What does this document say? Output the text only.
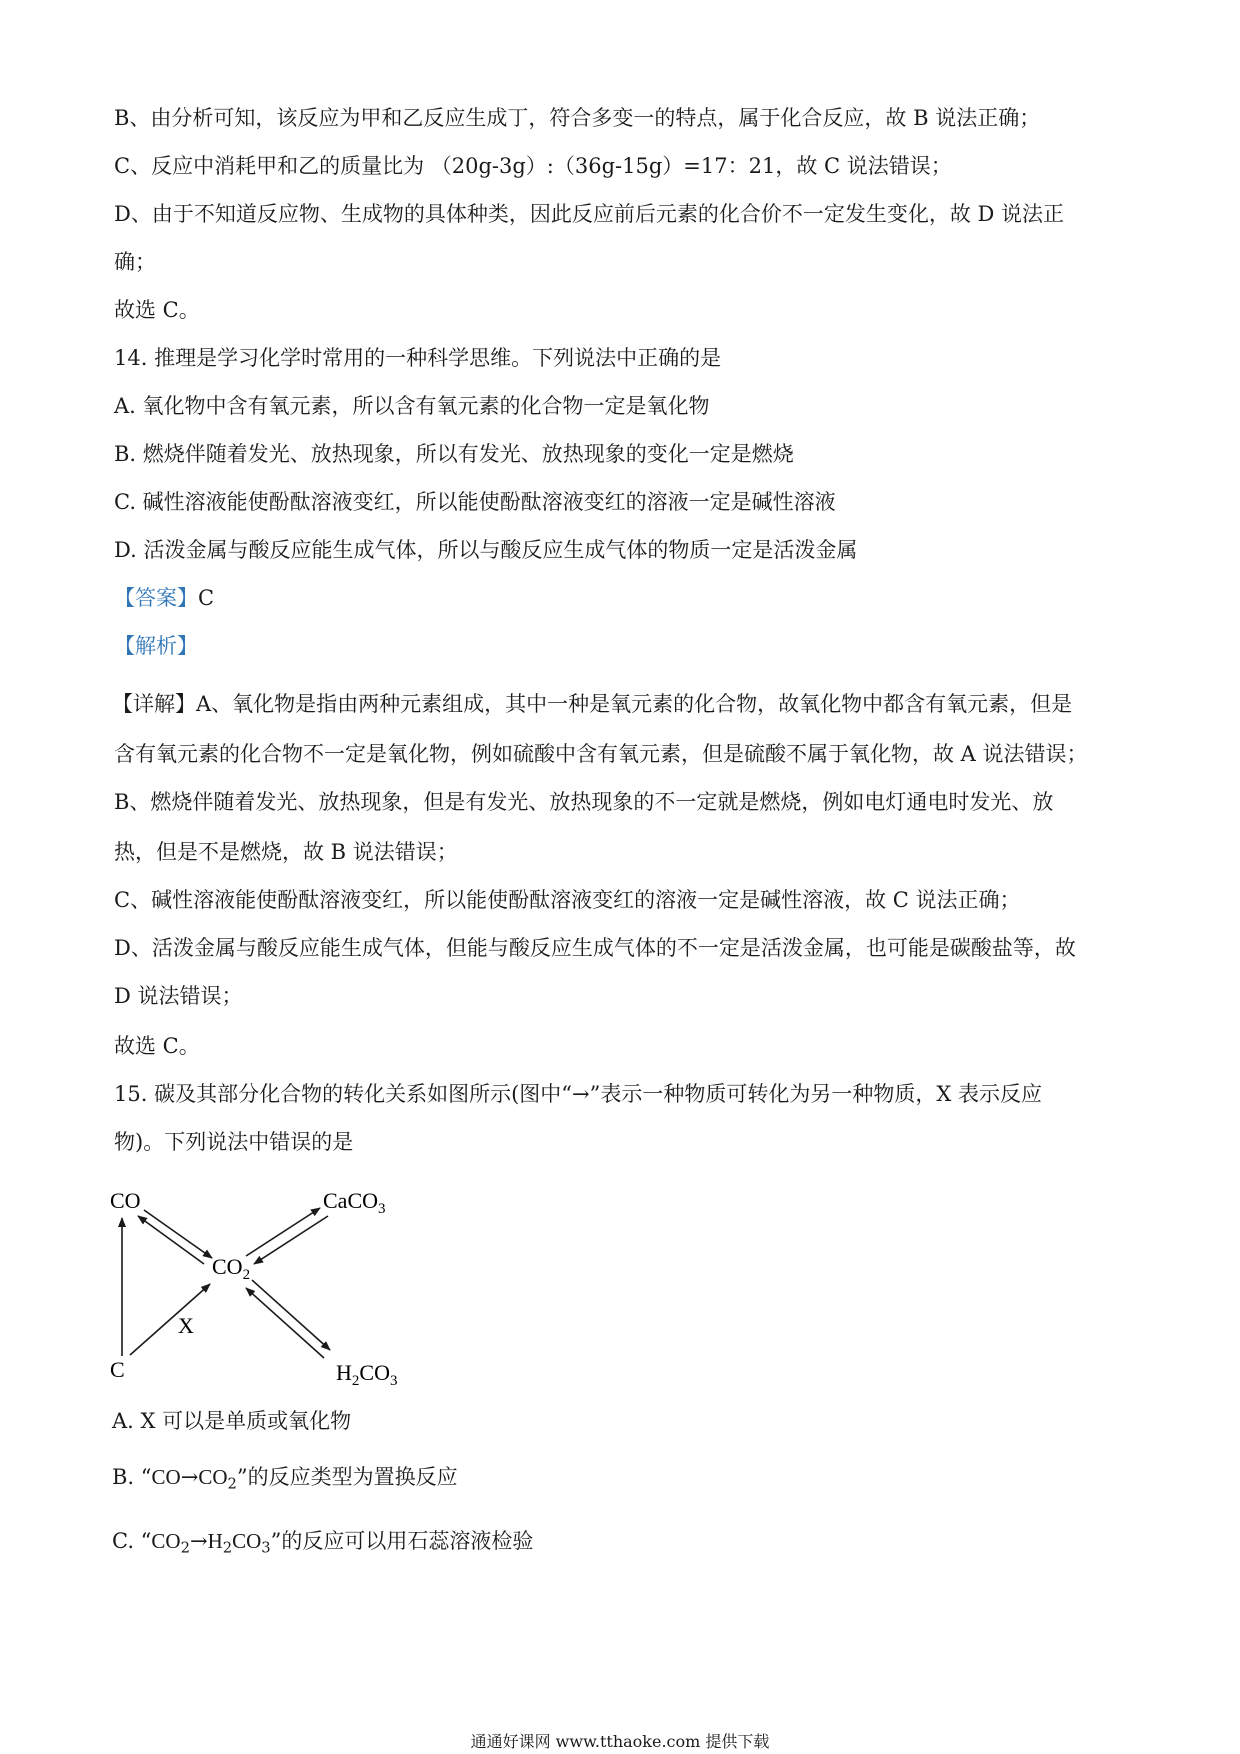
B、由分析可知，该反应为甲和乙反应生成丁，符合多变一的特点，属于化合反应，故 B 说法正确；
C、反应中消耗甲和乙的质量比为 （20g-3g）:（36g-15g）=17：21，故 C 说法错误；
D、由于不知道反应物、生成物的具体种类，因此反应前后元素的化合价不一定发生变化，故 D 说法正
确；
故选 C。
14. 推理是学习化学时常用的一种科学思维。下列说法中正确的是
A. 氧化物中含有氧元素，所以含有氧元素的化合物一定是氧化物
B. 燃烧伴随着发光、放热现象，所以有发光、放热现象的变化一定是燃烧
C. 碱性溶液能使酚酞溶液变红，所以能使酚酞溶液变红的溶液一定是碱性溶液
D. 活泼金属与酸反应能生成气体，所以与酸反应生成气体的物质一定是活泼金属
【答案】C
【解析】
【详解】A、氧化物是指由两种元素组成，其中一种是氧元素的化合物，故氧化物中都含有氧元素，但是
含有氧元素的化合物不一定是氧化物，例如硫酸中含有氧元素，但是硫酸不属于氧化物，故 A 说法错误；
B、燃烧伴随着发光、放热现象，但是有发光、放热现象的不一定就是燃烧，例如电灯通电时发光、放
热，但是不是燃烧，故 B 说法错误；
C、碱性溶液能使酚酞溶液变红，所以能使酚酞溶液变红的溶液一定是碱性溶液，故 C 说法正确；
D、活泼金属与酸反应能生成气体，但能与酸反应生成气体的不一定是活泼金属，也可能是碳酸盐等，故
D 说法错误；
故选 C。
15. 碳及其部分化合物的转化关系如图所示(图中“→”表示一种物质可转化为另一种物质，X 表示反应
物)。下列说法中错误的是
CO	CaCO$_3$
$CO_2$
C
X
$H_2CO_3$
A. X 可以是单质或氧化物
B. “$CO\to CO_2$”的反应类型为置换反应
C. “$CO_2\to H_2CO_3$”的反应可以用石蕊溶液检验
通通好课网 www.tthaoke.com 提供下载
